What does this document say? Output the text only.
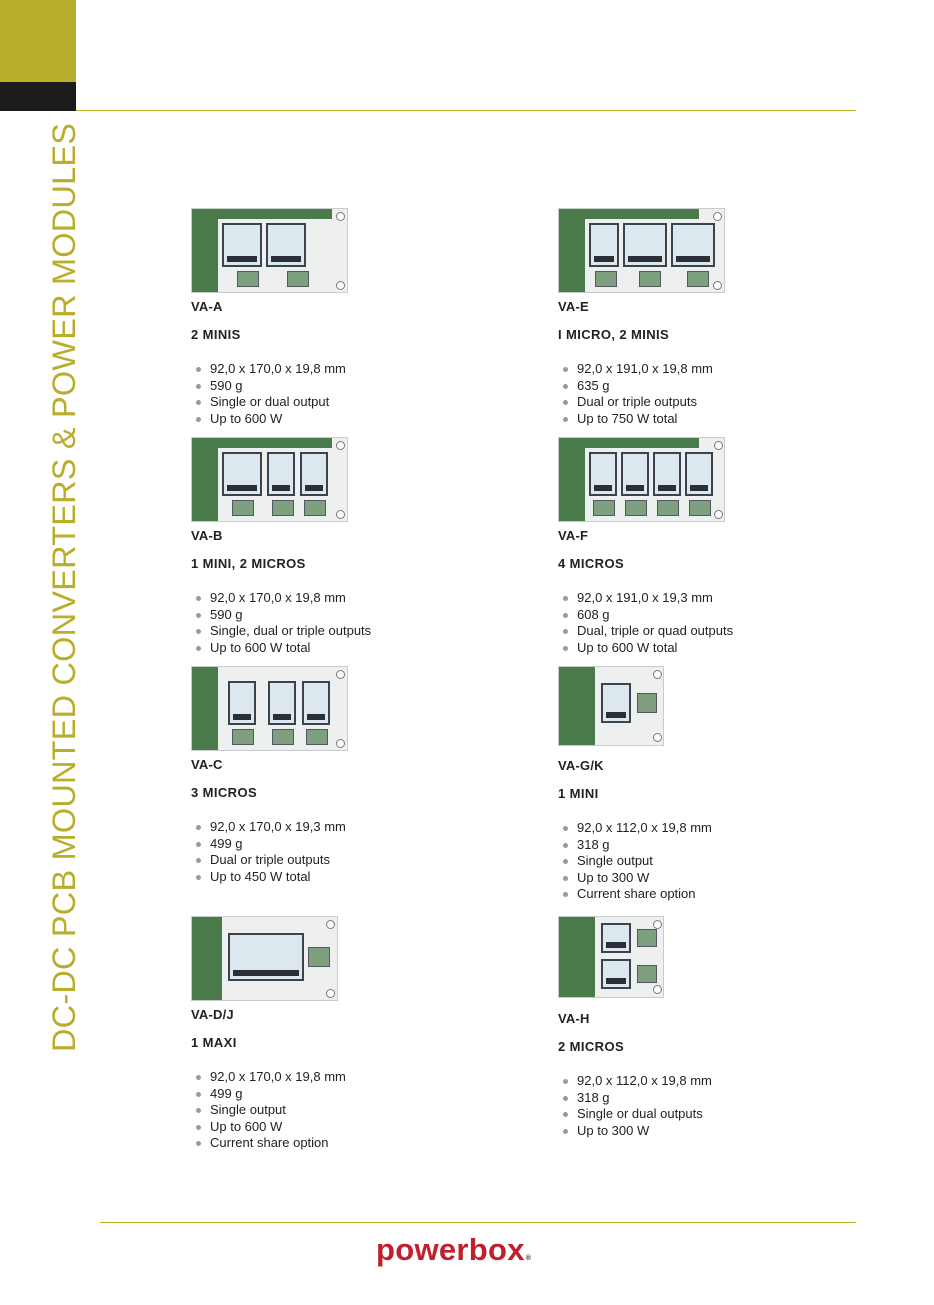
DC-DC PCB MOUNTED CONVERTERS & POWER MODULES	VA-A
2 MINIS
92,0 x 170,0 x 19,8 mm
590 g
Single or dual output
Up to 600 W
VA-E
I MICRO, 2 MINIS
92,0 x 191,0 x 19,8 mm
635 g
Dual or triple outputs
Up to 750 W total
VA-B
1 MINI, 2 MICROS
92,0 x 170,0 x 19,8 mm
590 g
Single, dual or triple outputs
Up to 600 W total
VA-F
4 MICROS
92,0 x 191,0 x 19,3 mm
608 g
Dual, triple or quad outputs
Up to 600 W total
VA-C
3 MICROS
92,0 x 170,0 x 19,3 mm
499 g
Dual or triple outputs
Up to 450 W total
VA-G/K
1 MINI
92,0 x 112,0 x 19,8 mm
318 g
Single output
Up to 300 W
Current share option
VA-D/J
1 MAXI
92,0 x 170,0 x 19,8 mm
499 g
Single output
Up to 600 W
Current share option
VA-H
2 MICROS
92,0 x 112,0 x 19,8 mm
318 g
Single or dual outputs
Up to 300 W
powerbox®
